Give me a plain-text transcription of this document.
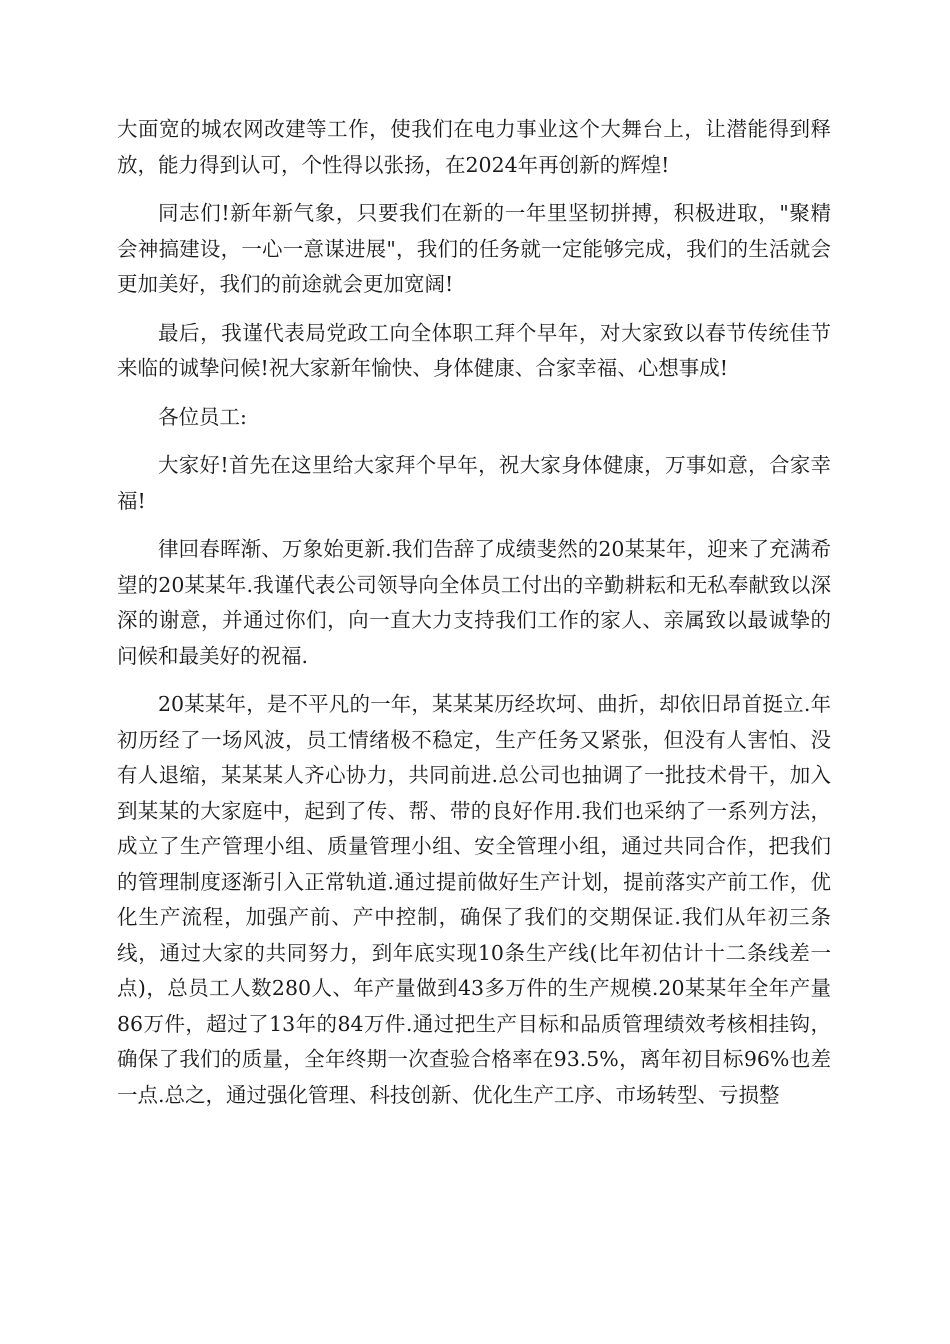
大面宽的城农网改建等工作，使我们在电力事业这个大舞台上，让潜能得到释放，能力得到认可，个性得以张扬，在2024年再创新的辉煌!

同志们!新年新气象，只要我们在新的一年里坚韧拼搏，积极进取，"聚精会神搞建设，一心一意谋进展"，我们的任务就一定能够完成，我们的生活就会更加美好，我们的前途就会更加宽阔!

最后，我谨代表局党政工向全体职工拜个早年，对大家致以春节传统佳节来临的诚挚问候!祝大家新年愉快、身体健康、合家幸福、心想事成!

各位员工:

大家好!首先在这里给大家拜个早年，祝大家身体健康，万事如意，合家幸福!

律回春晖渐、万象始更新.我们告辞了成绩斐然的20某某年，迎来了充满希望的20某某年.我谨代表公司领导向全体员工付出的辛勤耕耘和无私奉献致以深深的谢意，并通过你们，向一直大力支持我们工作的家人、亲属致以最诚挚的问候和最美好的祝福.

20某某年，是不平凡的一年，某某某历经坎坷、曲折，却依旧昂首挺立.年初历经了一场风波，员工情绪极不稳定，生产任务又紧张，但没有人害怕、没有人退缩，某某某人齐心协力，共同前进.总公司也抽调了一批技术骨干，加入到某某的大家庭中，起到了传、帮、带的良好作用.我们也采纳了一系列方法，成立了生产管理小组、质量管理小组、安全管理小组，通过共同合作，把我们的管理制度逐渐引入正常轨道.通过提前做好生产计划，提前落实产前工作，优化生产流程，加强产前、产中控制，确保了我们的交期保证.我们从年初三条线，通过大家的共同努力，到年底实现10条生产线(比年初估计十二条线差一点)，总员工人数280人、年产量做到43多万件的生产规模.20某某年全年产量86万件，超过了13年的84万件.通过把生产目标和品质管理绩效考核相挂钩，确保了我们的质量，全年终期一次查验合格率在93.5%，离年初目标96%也差一点.总之，通过强化管理、科技创新、优化生产工序、市场转型、亏损整
